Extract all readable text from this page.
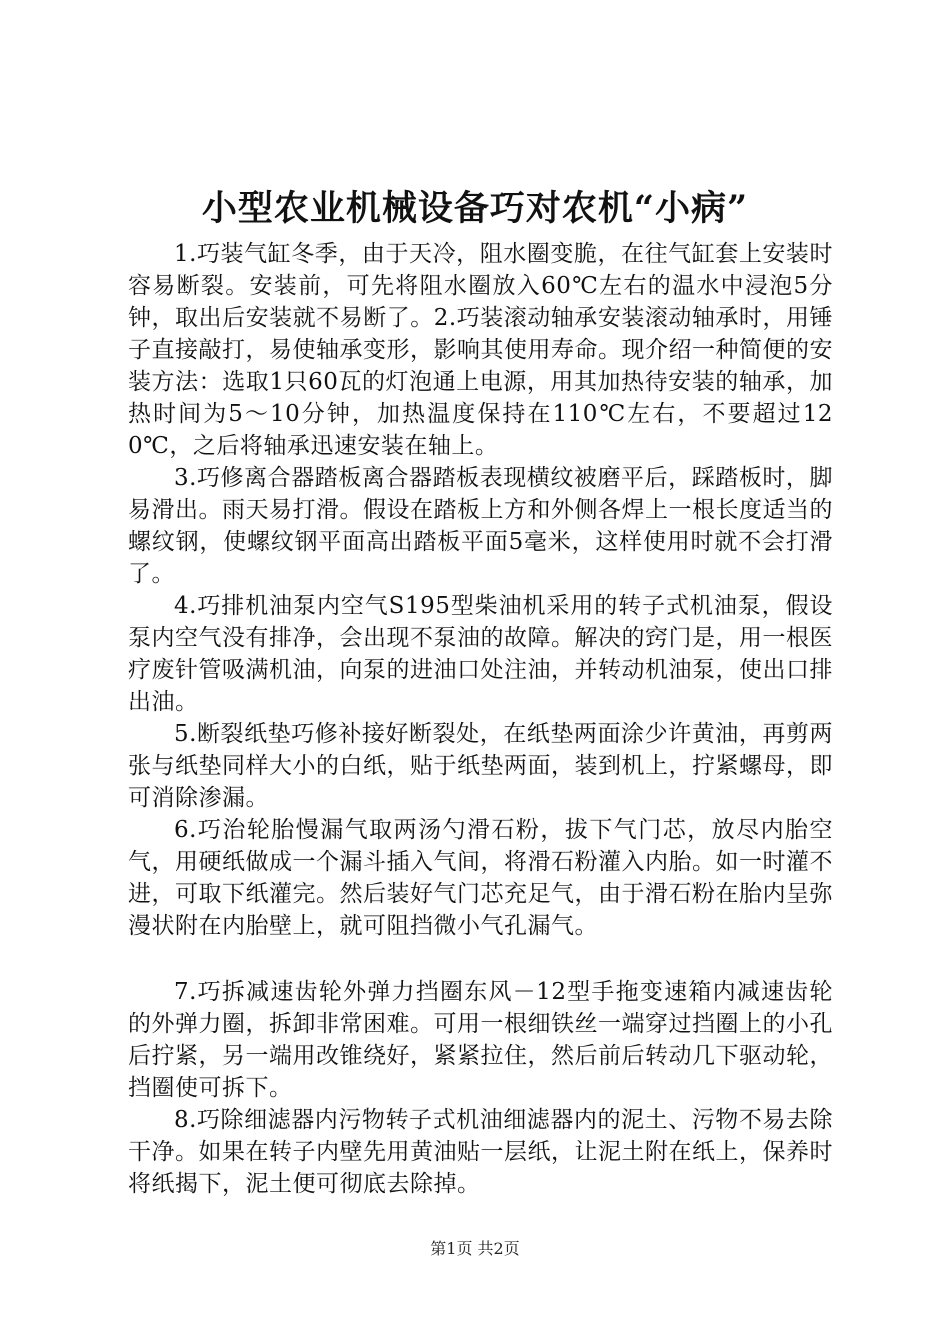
小型农业机械设备巧对农机“小病”

1.巧装气缸冬季，由于天冷，阻水圈变脆，在往气缸套上安装时容易断裂。安装前，可先将阻水圈放入60℃左右的温水中浸泡5分钟，取出后安装就不易断了。2.巧装滚动轴承安装滚动轴承时，用锤子直接敲打，易使轴承变形，影响其使用寿命。现介绍一种简便的安装方法：选取1只60瓦的灯泡通上电源，用其加热待安装的轴承，加热时间为5～10分钟，加热温度保持在110℃左右，不要超过120℃，之后将轴承迅速安装在轴上。

3.巧修离合器踏板离合器踏板表现横纹被磨平后，踩踏板时，脚易滑出。雨天易打滑。假设在踏板上方和外侧各焊上一根长度适当的螺纹钢，使螺纹钢平面高出踏板平面5毫米，这样使用时就不会打滑了。

4.巧排机油泵内空气S195型柴油机采用的转子式机油泵，假设泵内空气没有排净，会出现不泵油的故障。解决的窍门是，用一根医疗废针管吸满机油，向泵的进油口处注油，并转动机油泵，使出口排出油。

5.断裂纸垫巧修补接好断裂处，在纸垫两面涂少许黄油，再剪两张与纸垫同样大小的白纸，贴于纸垫两面，装到机上，拧紧螺母，即可消除渗漏。

6.巧治轮胎慢漏气取两汤勺滑石粉，拔下气门芯，放尽内胎空气，用硬纸做成一个漏斗插入气间，将滑石粉灌入内胎。如一时灌不进，可取下纸灌完。然后装好气门芯充足气，由于滑石粉在胎内呈弥漫状附在内胎壁上，就可阻挡微小气孔漏气。

7.巧拆减速齿轮外弹力挡圈东风－12型手拖变速箱内减速齿轮的外弹力圈，拆卸非常困难。可用一根细铁丝一端穿过挡圈上的小孔后拧紧，另一端用改锥绕好，紧紧拉住，然后前后转动几下驱动轮，挡圈使可拆下。

8.巧除细滤器内污物转子式机油细滤器内的泥土、污物不易去除干净。如果在转子内壁先用黄油贴一层纸，让泥土附在纸上，保养时将纸揭下，泥土便可彻底去除掉。

第1页 共2页
